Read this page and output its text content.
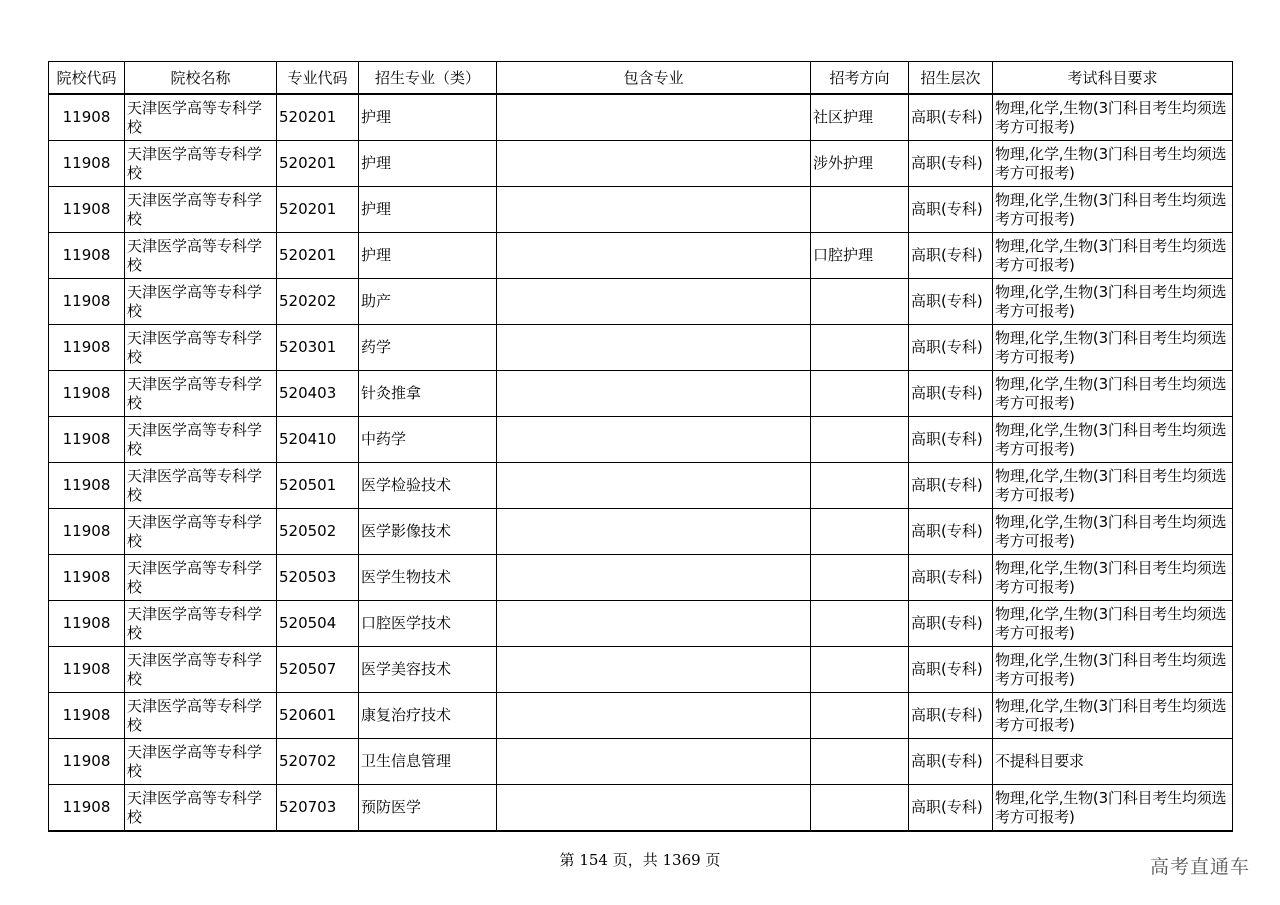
院校代码	院校名称	专业代码	招生专业（类）	包含专业	招考方向	招生层次	考试科目要求
11908	天津医学高等专科学校	520201	护理		社区护理	高职(专科)	物理,化学,生物(3门科目考生均须选考方可报考)
11908	天津医学高等专科学校	520201	护理		涉外护理	高职(专科)	物理,化学,生物(3门科目考生均须选考方可报考)
11908	天津医学高等专科学校	520201	护理			高职(专科)	物理,化学,生物(3门科目考生均须选考方可报考)
11908	天津医学高等专科学校	520201	护理		口腔护理	高职(专科)	物理,化学,生物(3门科目考生均须选考方可报考)
11908	天津医学高等专科学校	520202	助产			高职(专科)	物理,化学,生物(3门科目考生均须选考方可报考)
11908	天津医学高等专科学校	520301	药学			高职(专科)	物理,化学,生物(3门科目考生均须选考方可报考)
11908	天津医学高等专科学校	520403	针灸推拿			高职(专科)	物理,化学,生物(3门科目考生均须选考方可报考)
11908	天津医学高等专科学校	520410	中药学			高职(专科)	物理,化学,生物(3门科目考生均须选考方可报考)
11908	天津医学高等专科学校	520501	医学检验技术			高职(专科)	物理,化学,生物(3门科目考生均须选考方可报考)
11908	天津医学高等专科学校	520502	医学影像技术			高职(专科)	物理,化学,生物(3门科目考生均须选考方可报考)
11908	天津医学高等专科学校	520503	医学生物技术			高职(专科)	物理,化学,生物(3门科目考生均须选考方可报考)
11908	天津医学高等专科学校	520504	口腔医学技术			高职(专科)	物理,化学,生物(3门科目考生均须选考方可报考)
11908	天津医学高等专科学校	520507	医学美容技术			高职(专科)	物理,化学,生物(3门科目考生均须选考方可报考)
11908	天津医学高等专科学校	520601	康复治疗技术			高职(专科)	物理,化学,生物(3门科目考生均须选考方可报考)
11908	天津医学高等专科学校	520702	卫生信息管理			高职(专科)	不提科目要求
11908	天津医学高等专科学校	520703	预防医学			高职(专科)	物理,化学,生物(3门科目考生均须选考方可报考)
第 154 页，共 1369 页	高考直通车
